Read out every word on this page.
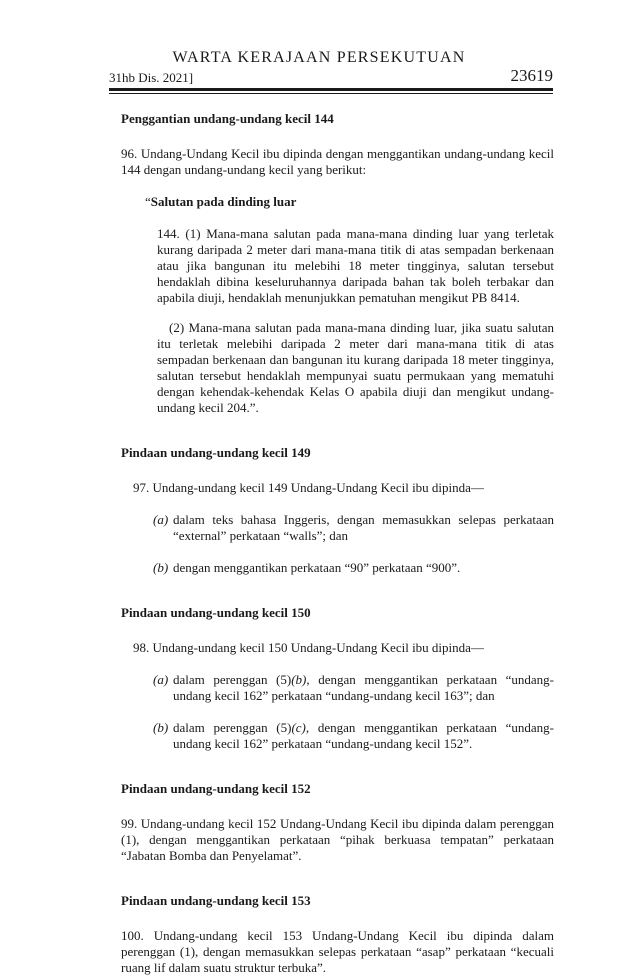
WARTA KERAJAAN PERSEKUTUAN
31hb Dis. 2021]	23619

Penggantian undang-undang kecil 144

96. Undang-Undang Kecil ibu dipinda dengan menggantikan undang-undang kecil 144 dengan undang-undang kecil yang berikut:

“Salutan pada dinding luar

144. (1) Mana-mana salutan pada mana-mana dinding luar yang terletak kurang daripada 2 meter dari mana-mana titik di atas sempadan berkenaan atau jika bangunan itu melebihi 18 meter tingginya, salutan tersebut hendaklah dibina keseluruhannya daripada bahan tak boleh terbakar dan apabila diuji, hendaklah menunjukkan pematuhan mengikut PB 8414.

(2) Mana-mana salutan pada mana-mana dinding luar, jika suatu salutan itu terletak melebihi daripada 2 meter dari mana-mana titik di atas sempadan berkenaan dan bangunan itu kurang daripada 18 meter tingginya, salutan tersebut hendaklah mempunyai suatu permukaan yang mematuhi dengan kehendak-kehendak Kelas O apabila diuji dan mengikut undang-undang kecil 204.”.

Pindaan undang-undang kecil 149

97. Undang-undang kecil 149 Undang-Undang Kecil ibu dipinda—

(a) dalam teks bahasa Inggeris, dengan memasukkan selepas perkataan “external” perkataan “walls”; dan

(b) dengan menggantikan perkataan “90” perkataan “900”.

Pindaan undang-undang kecil 150

98. Undang-undang kecil 150 Undang-Undang Kecil ibu dipinda—

(a) dalam perenggan (5)(b), dengan menggantikan perkataan “undang-undang kecil 162” perkataan “undang-undang kecil 163”; dan

(b) dalam perenggan (5)(c), dengan menggantikan perkataan “undang-undang kecil 162” perkataan “undang-undang kecil 152”.

Pindaan undang-undang kecil 152

99. Undang-undang kecil 152 Undang-Undang Kecil ibu dipinda dalam perenggan (1), dengan menggantikan perkataan “pihak berkuasa tempatan” perkataan “Jabatan Bomba dan Penyelamat”.

Pindaan undang-undang kecil 153

100. Undang-undang kecil 153 Undang-Undang Kecil ibu dipinda dalam perenggan (1), dengan memasukkan selepas perkataan “asap” perkataan “kecuali ruang lif dalam suatu struktur terbuka”.
